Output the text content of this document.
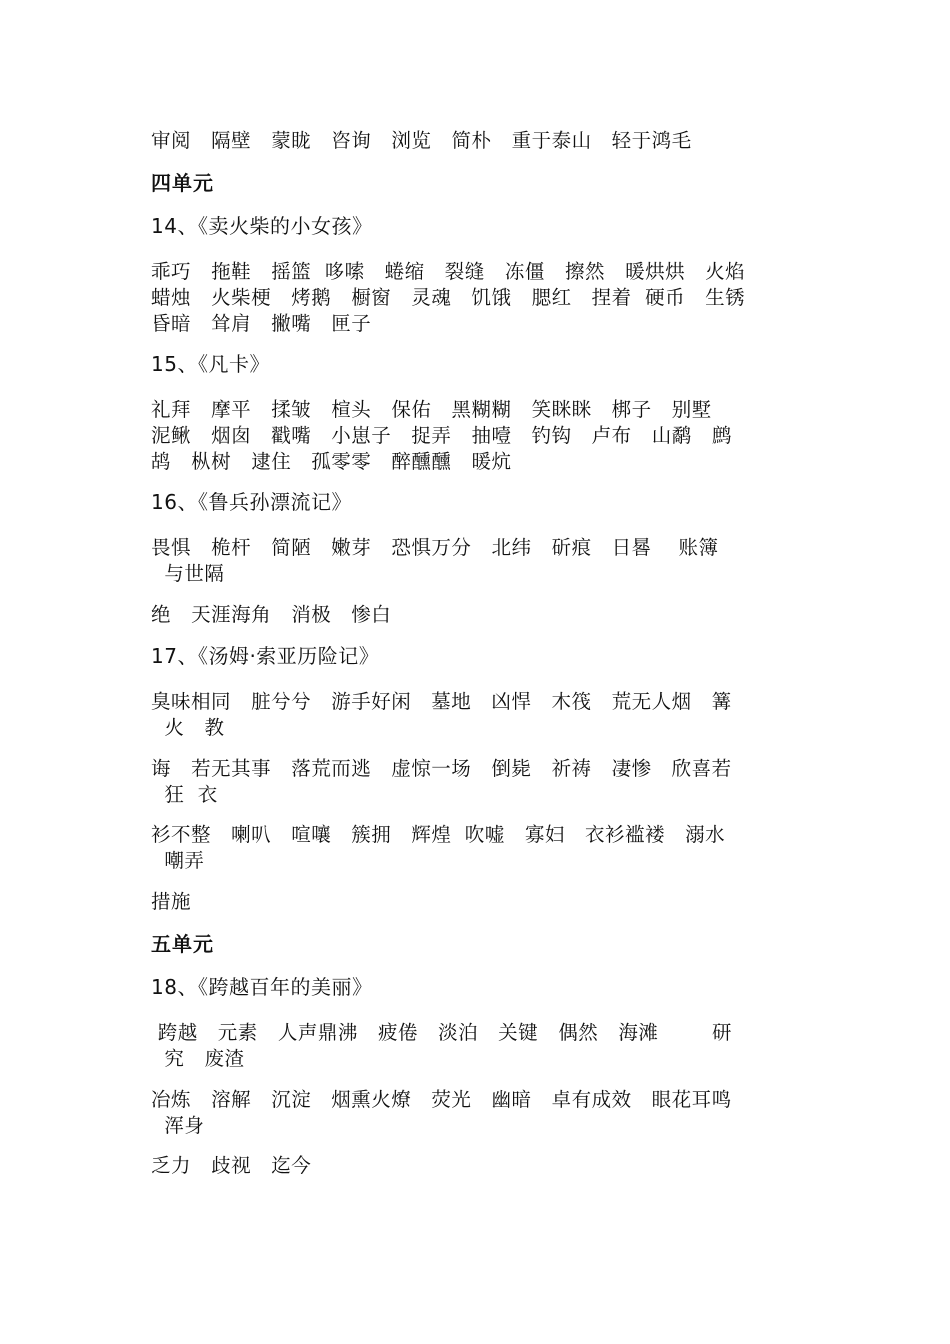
审阅   隔壁   蒙眬   咨询   浏览   简朴   重于泰山   轻于鸿毛
四单元
14、《卖火柴的小女孩》
乖巧   拖鞋   摇篮  哆嗦   蜷缩   裂缝   冻僵   擦然   暖烘烘   火焰
蜡烛   火柴梗   烤鹅   橱窗   灵魂   饥饿   腮红   捏着  硬币   生锈
昏暗   耸肩   撇嘴   匣子
15、《凡卡》
礼拜   摩平   揉皱   楦头   保佑   黑糊糊   笑眯眯   梆子   别墅
泥鳅   烟囱   戳嘴   小崽子   捉弄   抽噎   钓钩   卢布   山鹬   鹧
鸪   枞树   逮住   孤零零   醉醺醺   暖炕
16、《鲁兵孙漂流记》
畏惧   桅杆   简陋   嫩芽   恐惧万分   北纬   斫痕   日晷    账簿
与世隔
绝   天涯海角   消极   惨白
17、《汤姆·索亚历险记》
臭味相同   脏兮兮   游手好闲   墓地   凶悍   木筏   荒无人烟   篝
火   教
诲   若无其事   落荒而逃   虚惊一场   倒毙   祈祷   凄惨   欣喜若
狂  衣
衫不整   喇叭   喧嚷   簇拥   辉煌  吹嘘   寡妇   衣衫褴褛   溺水
嘲弄
措施
五单元
18、《跨越百年的美丽》
跨越   元素   人声鼎沸   疲倦   淡泊   关键   偶然   海滩        研
究   废渣
冶炼   溶解   沉淀   烟熏火燎   荧光   幽暗   卓有成效   眼花耳鸣
浑身
乏力   歧视   迄今
